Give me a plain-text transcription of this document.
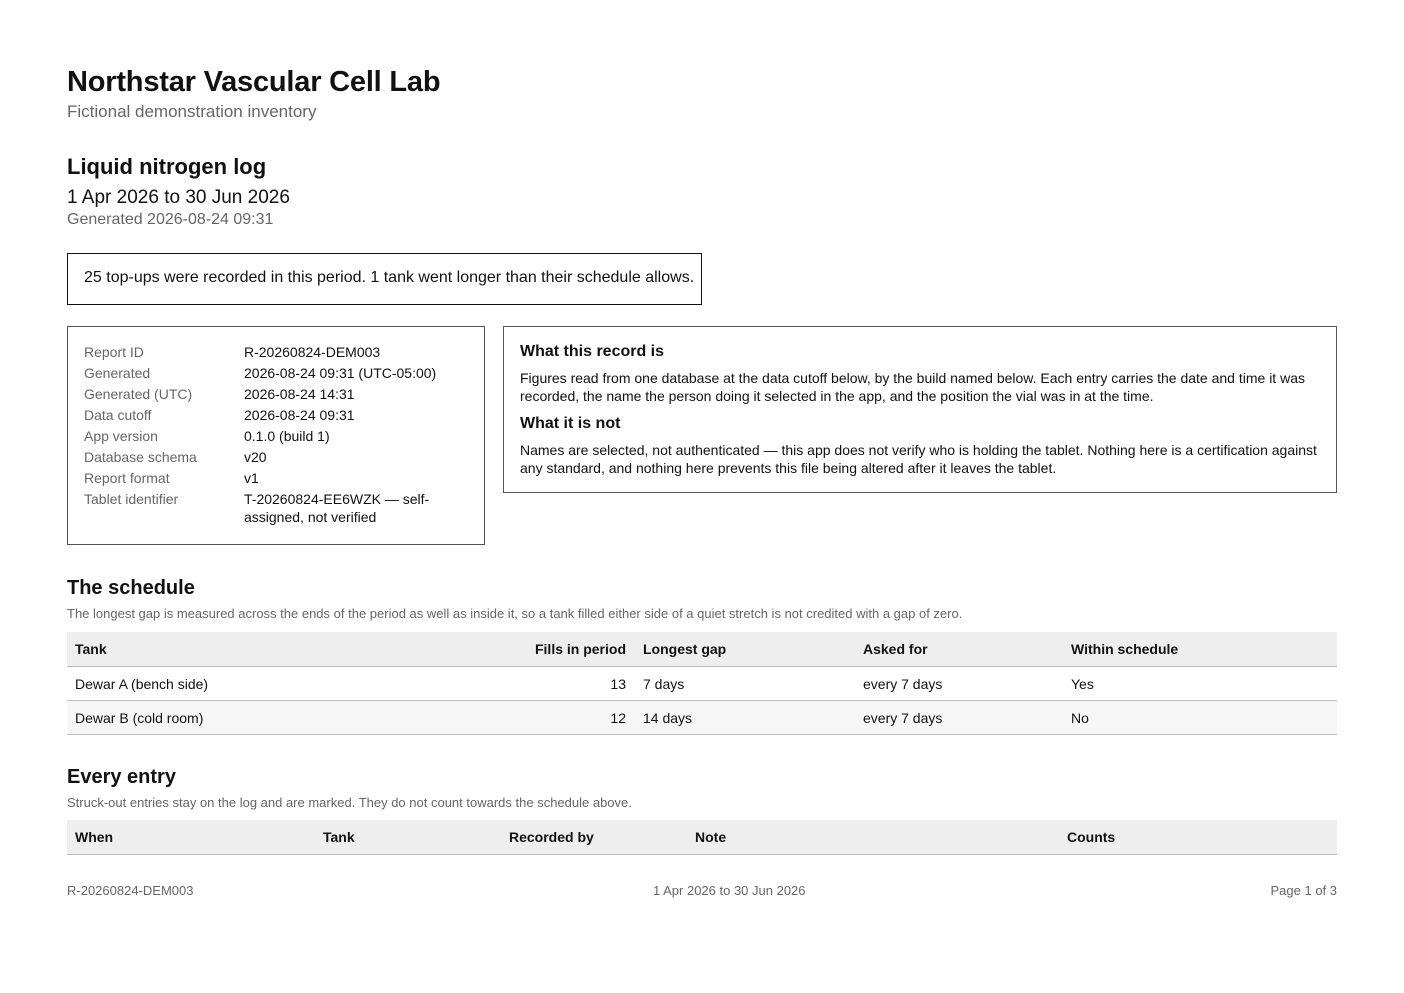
Northstar Vascular Cell Lab
Fictional demonstration inventory
Liquid nitrogen log
1 Apr 2026 to 30 Jun 2026
Generated 2026-08-24 09:31
25 top-ups were recorded in this period. 1 tank went longer than their schedule allows.
Report ID	R-20260824-DEM003
Generated	2026-08-24 09:31 (UTC-05:00)
Generated (UTC)	2026-08-24 14:31
Data cutoff	2026-08-24 09:31
App version	0.1.0 (build 1)
Database schema	v20
Report format	v1
Tablet identifier	T-20260824-EE6WZK — self-assigned, not verified
What this record is

Figures read from one database at the data cutoff below, by the build named below. Each entry carries the date and time it was recorded, the name the person doing it selected in the app, and the position the vial was in at the time.

What it is not

Names are selected, not authenticated — this app does not verify who is holding the tablet. Nothing here is a certification against any standard, and nothing here prevents this file being altered after it leaves the tablet.

The schedule
The longest gap is measured across the ends of the period as well as inside it, so a tank filled either side of a quiet stretch is not credited with a gap of zero.
Tank	Fills in period	Longest gap	Asked for	Within schedule
Dewar A (bench side)	13	7 days	every 7 days	Yes
Dewar B (cold room)	12	14 days	every 7 days	No
Every entry
Struck-out entries stay on the log and are marked. They do not count towards the schedule above.
When	Tank	Recorded by	Note	Counts
R-20260824-DEM003	1 Apr 2026 to 30 Jun 2026	Page 1 of 3
